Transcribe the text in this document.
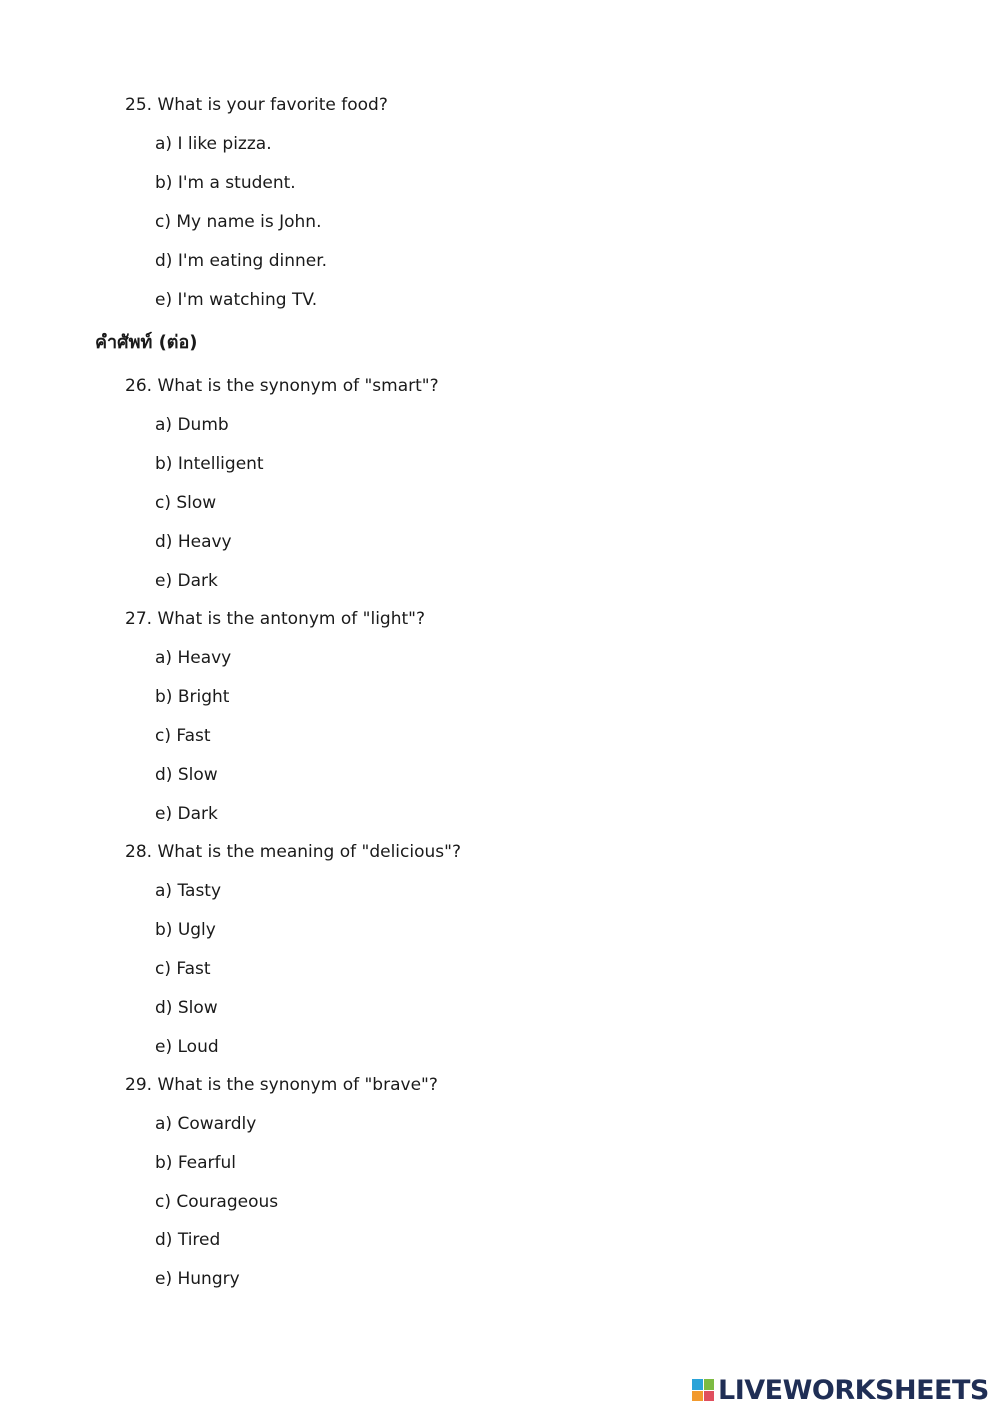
25. What is your favorite food?
a) I like pizza.
b) I'm a student.
c) My name is John.
d) I'm eating dinner.
e) I'm watching TV.
คำศัพท์ (ต่อ)
26. What is the synonym of "smart"?
a) Dumb
b) Intelligent
c) Slow
d) Heavy
e) Dark
27. What is the antonym of "light"?
a) Heavy
b) Bright
c) Fast
d) Slow
e) Dark
28. What is the meaning of "delicious"?
a) Tasty
b) Ugly
c) Fast
d) Slow
e) Loud
29. What is the synonym of "brave"?
a) Cowardly
b) Fearful
c) Courageous
d) Tired
e) Hungry
LIVEWORKSHEETS
